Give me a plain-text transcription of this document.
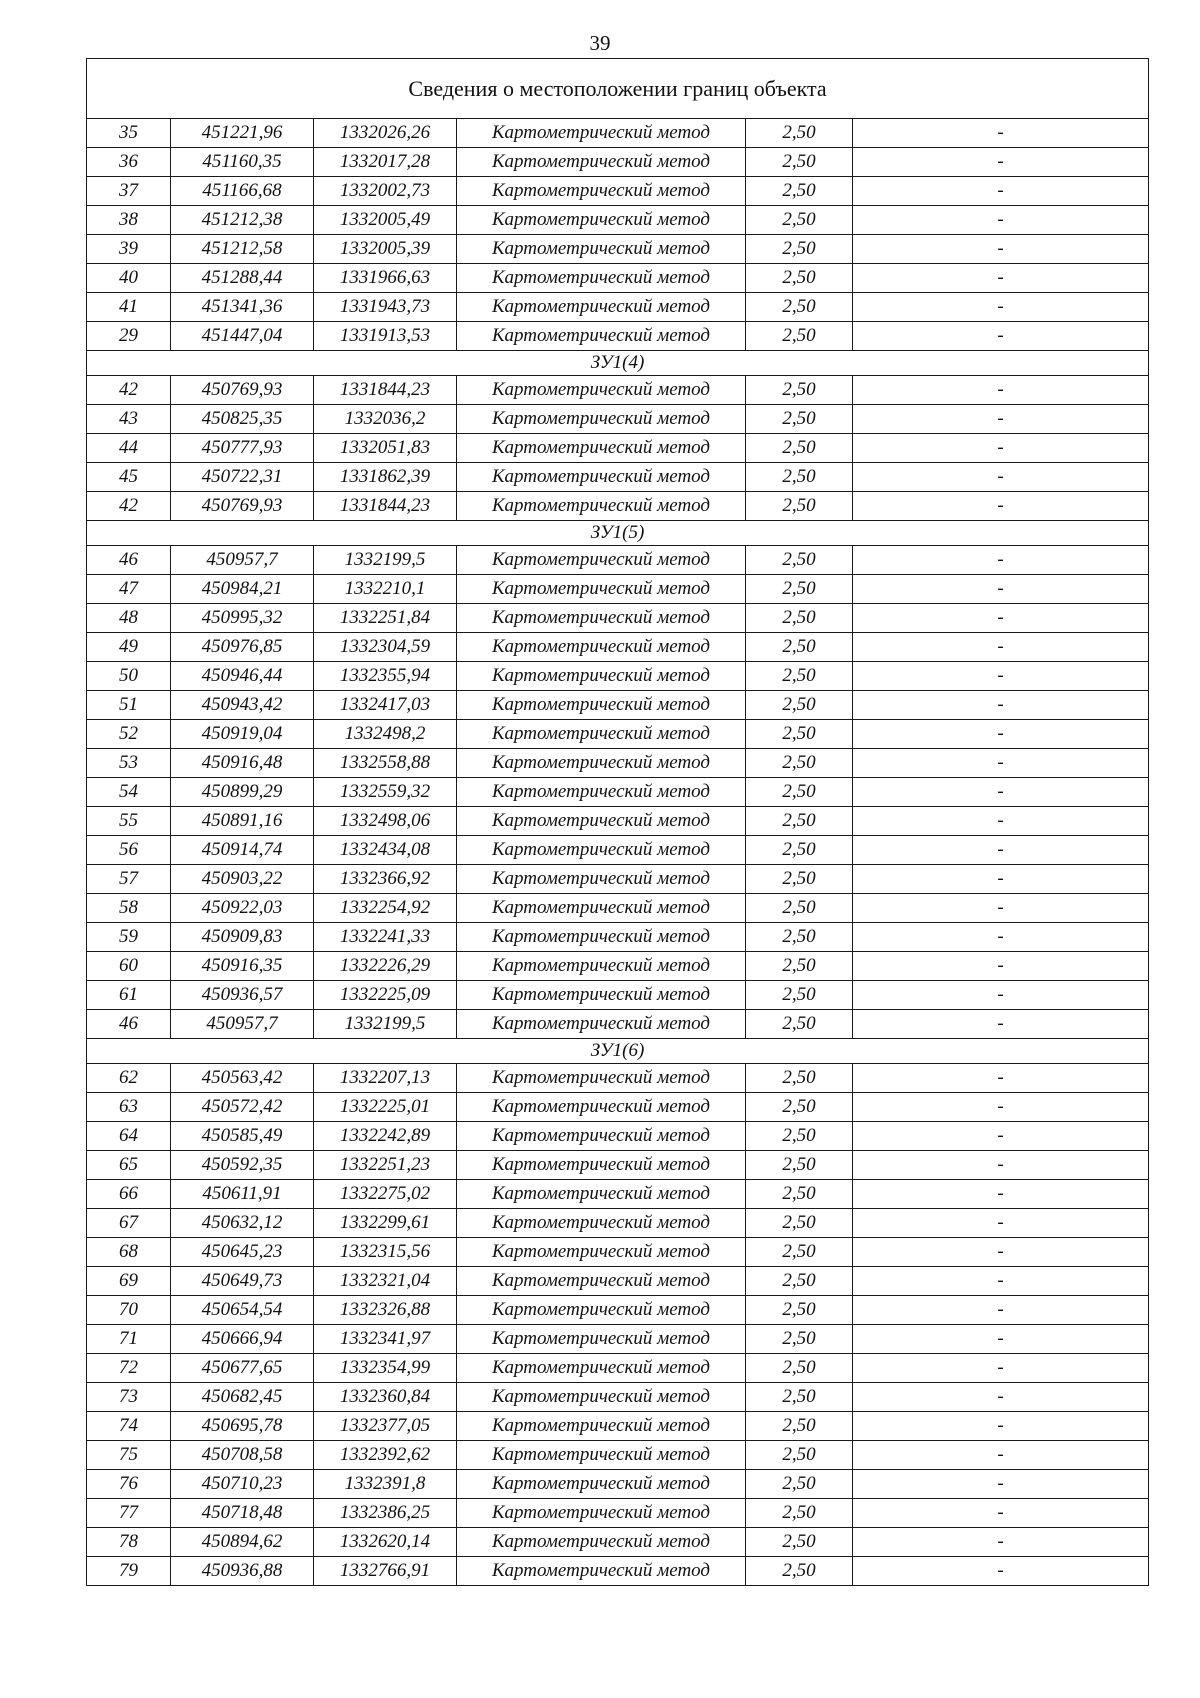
39
Сведения о местоположении границ объекта					
35	451221,96	1332026,26	Картометрический метод	2,50	-
36	451160,35	1332017,28	Картометрический метод	2,50	-
37	451166,68	1332002,73	Картометрический метод	2,50	-
38	451212,38	1332005,49	Картометрический метод	2,50	-
39	451212,58	1332005,39	Картометрический метод	2,50	-
40	451288,44	1331966,63	Картометрический метод	2,50	-
41	451341,36	1331943,73	Картометрический метод	2,50	-
29	451447,04	1331913,53	Картометрический метод	2,50	-
ЗУ1(4)					
42	450769,93	1331844,23	Картометрический метод	2,50	-
43	450825,35	1332036,2	Картометрический метод	2,50	-
44	450777,93	1332051,83	Картометрический метод	2,50	-
45	450722,31	1331862,39	Картометрический метод	2,50	-
42	450769,93	1331844,23	Картометрический метод	2,50	-
ЗУ1(5)					
46	450957,7	1332199,5	Картометрический метод	2,50	-
47	450984,21	1332210,1	Картометрический метод	2,50	-
48	450995,32	1332251,84	Картометрический метод	2,50	-
49	450976,85	1332304,59	Картометрический метод	2,50	-
50	450946,44	1332355,94	Картометрический метод	2,50	-
51	450943,42	1332417,03	Картометрический метод	2,50	-
52	450919,04	1332498,2	Картометрический метод	2,50	-
53	450916,48	1332558,88	Картометрический метод	2,50	-
54	450899,29	1332559,32	Картометрический метод	2,50	-
55	450891,16	1332498,06	Картометрический метод	2,50	-
56	450914,74	1332434,08	Картометрический метод	2,50	-
57	450903,22	1332366,92	Картометрический метод	2,50	-
58	450922,03	1332254,92	Картометрический метод	2,50	-
59	450909,83	1332241,33	Картометрический метод	2,50	-
60	450916,35	1332226,29	Картометрический метод	2,50	-
61	450936,57	1332225,09	Картометрический метод	2,50	-
46	450957,7	1332199,5	Картометрический метод	2,50	-
ЗУ1(6)					
62	450563,42	1332207,13	Картометрический метод	2,50	-
63	450572,42	1332225,01	Картометрический метод	2,50	-
64	450585,49	1332242,89	Картометрический метод	2,50	-
65	450592,35	1332251,23	Картометрический метод	2,50	-
66	450611,91	1332275,02	Картометрический метод	2,50	-
67	450632,12	1332299,61	Картометрический метод	2,50	-
68	450645,23	1332315,56	Картометрический метод	2,50	-
69	450649,73	1332321,04	Картометрический метод	2,50	-
70	450654,54	1332326,88	Картометрический метод	2,50	-
71	450666,94	1332341,97	Картометрический метод	2,50	-
72	450677,65	1332354,99	Картометрический метод	2,50	-
73	450682,45	1332360,84	Картометрический метод	2,50	-
74	450695,78	1332377,05	Картометрический метод	2,50	-
75	450708,58	1332392,62	Картометрический метод	2,50	-
76	450710,23	1332391,8	Картометрический метод	2,50	-
77	450718,48	1332386,25	Картометрический метод	2,50	-
78	450894,62	1332620,14	Картометрический метод	2,50	-
79	450936,88	1332766,91	Картометрический метод	2,50	-
